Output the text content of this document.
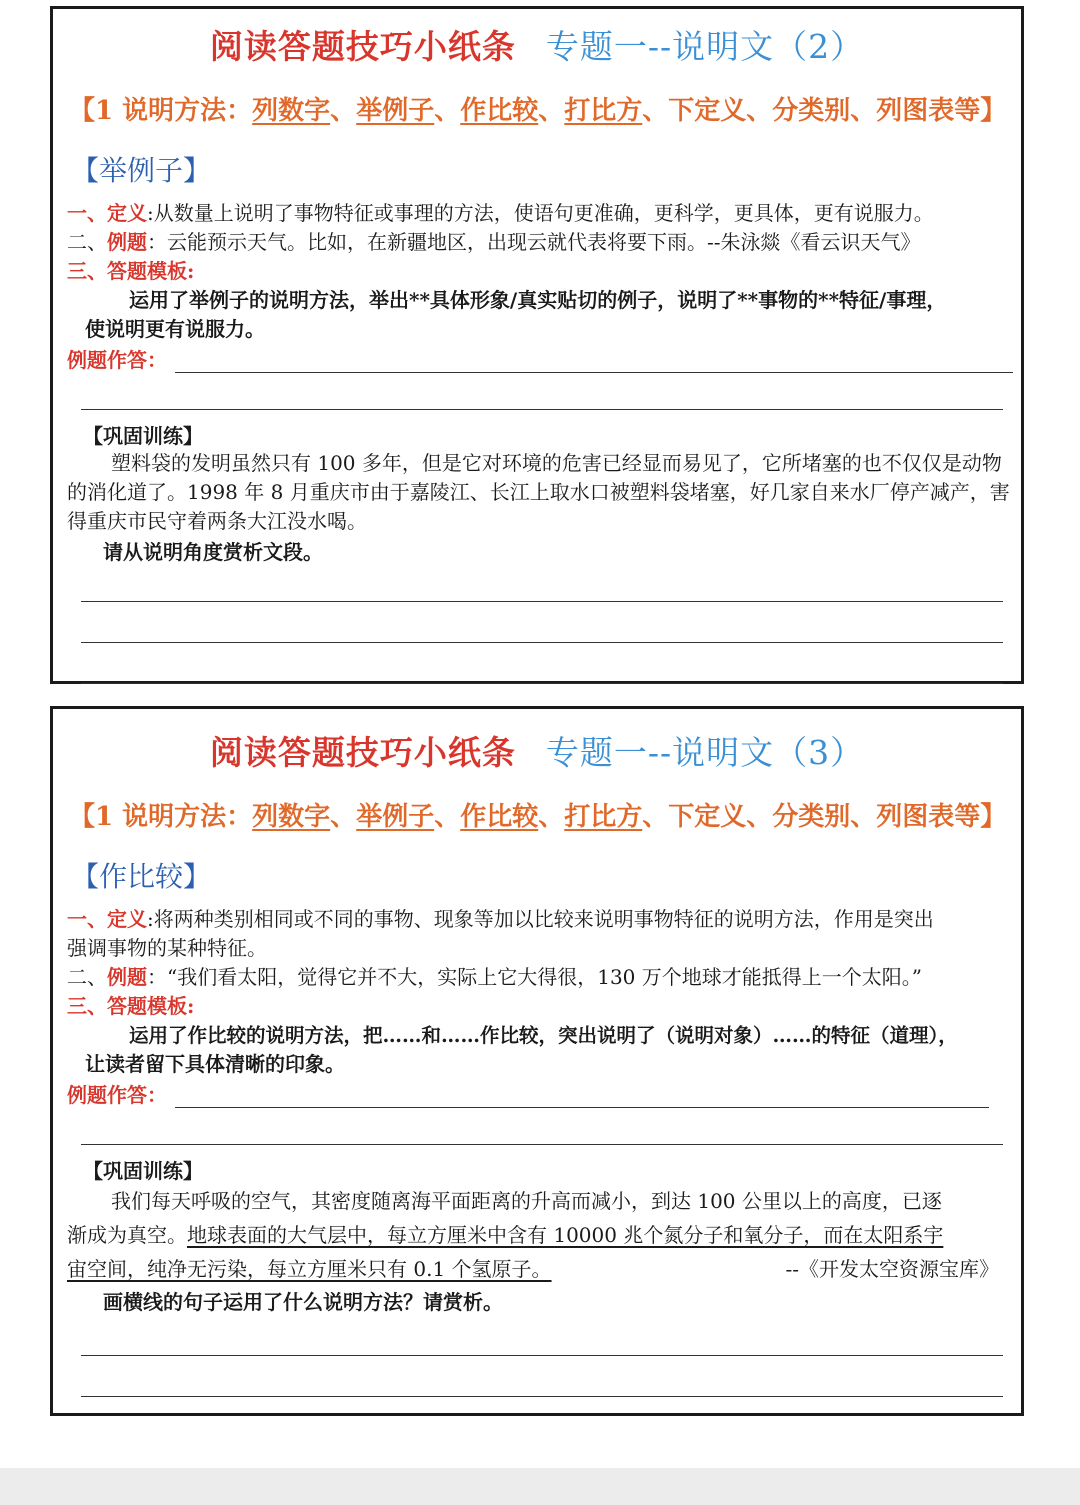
阅读答题技巧小纸条 专题一--说明文（2）
【1 说明方法：列数字、举例子、作比较、打比方、下定义、分类别、列图表等】
【举例子】
一、定义:从数量上说明了事物特征或事理的方法，使语句更准确，更科学，更具体，更有说服力。
二、例题：云能预示天气。比如，在新疆地区，出现云就代表将要下雨。--朱泳燚《看云识天气》
三、答题模板:
运用了举例子的说明方法，举出**具体形象/真实贴切的例子，说明了**事物的**特征/事理，
使说明更有说服力。
例题作答：
【巩固训练】
塑料袋的发明虽然只有 100 多年，但是它对环境的危害已经显而易见了，它所堵塞的也不仅仅是动物的消化道了。1998 年 8 月重庆市由于嘉陵江、长江上取水口被塑料袋堵塞，好几家自来水厂停产减产，害得重庆市民守着两条大江没水喝。
请从说明角度赏析文段。
阅读答题技巧小纸条 专题一--说明文（3）
【1 说明方法：列数字、举例子、作比较、打比方、下定义、分类别、列图表等】
【作比较】
一、定义:将两种类别相同或不同的事物、现象等加以比较来说明事物特征的说明方法，作用是突出
强调事物的某种特征。
二、例题：“我们看太阳，觉得它并不大，实际上它大得很，130 万个地球才能抵得上一个太阳。”
三、答题模板:
运用了作比较的说明方法，把……和……作比较，突出说明了（说明对象）……的特征（道理），
让读者留下具体清晰的印象。
例题作答：
【巩固训练】
我们每天呼吸的空气，其密度随离海平面距离的升高而减小，到达 100 公里以上的高度，已逐
渐成为真空。地球表面的大气层中，每立方厘米中含有 10000 兆个氮分子和氧分子，而在太阳系宇
宙空间，纯净无污染，每立方厘米只有 0.1 个氢原子。	--《开发太空资源宝库》
画横线的句子运用了什么说明方法？请赏析。
